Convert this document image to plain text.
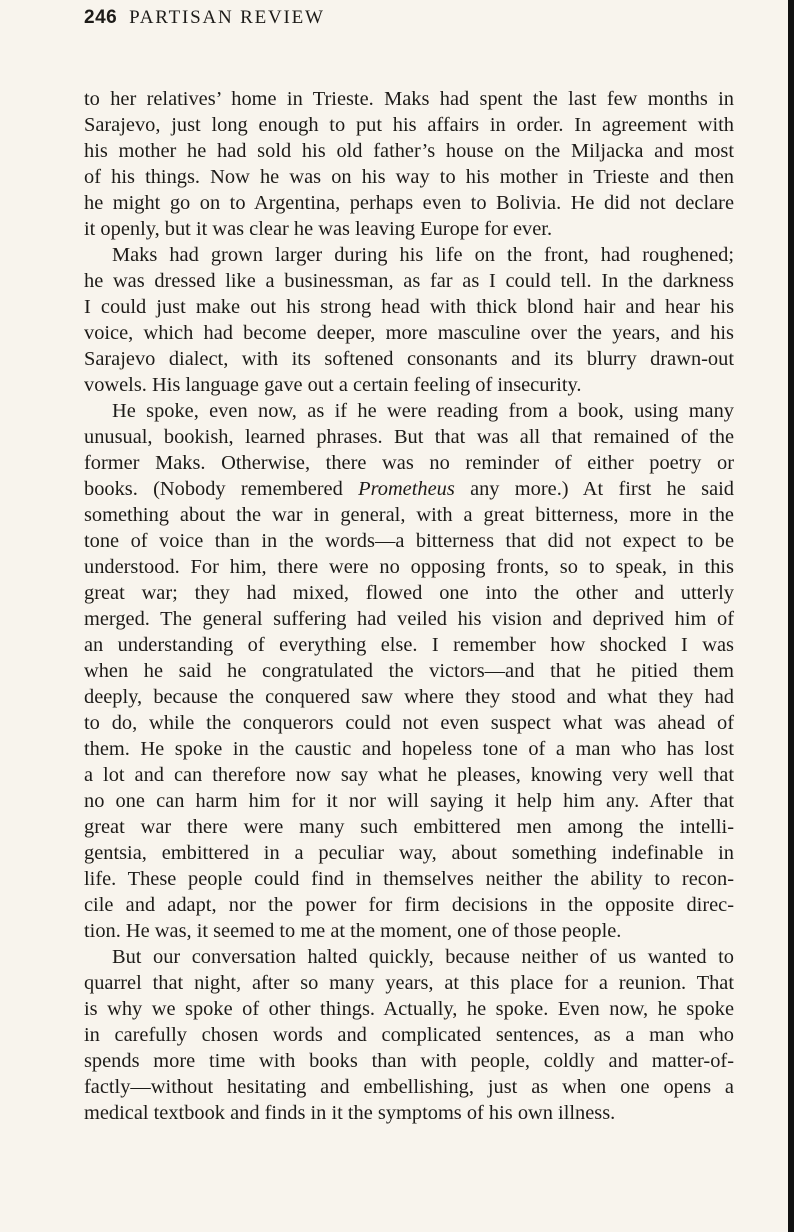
246 PARTISAN REVIEW
to her relatives’ home in Trieste. Maks had spent the last few months in
Sarajevo, just long enough to put his affairs in order. In agreement with
his mother he had sold his old father’s house on the Miljacka and most
of his things. Now he was on his way to his mother in Trieste and then
he might go on to Argentina, perhaps even to Bolivia. He did not declare
it openly, but it was clear he was leaving Europe for ever.
Maks had grown larger during his life on the front, had roughened;
he was dressed like a businessman, as far as I could tell. In the darkness
I could just make out his strong head with thick blond hair and hear his
voice, which had become deeper, more masculine over the years, and his
Sarajevo dialect, with its softened consonants and its blurry drawn-out
vowels. His language gave out a certain feeling of insecurity.
He spoke, even now, as if he were reading from a book, using many
unusual, bookish, learned phrases. But that was all that remained of the
former Maks. Otherwise, there was no reminder of either poetry or
books. (Nobody remembered Prometheus any more.) At first he said
something about the war in general, with a great bitterness, more in the
tone of voice than in the words—a bitterness that did not expect to be
understood. For him, there were no opposing fronts, so to speak, in this
great war; they had mixed, flowed one into the other and utterly
merged. The general suffering had veiled his vision and deprived him of
an understanding of everything else. I remember how shocked I was
when he said he congratulated the victors—and that he pitied them
deeply, because the conquered saw where they stood and what they had
to do, while the conquerors could not even suspect what was ahead of
them. He spoke in the caustic and hopeless tone of a man who has lost
a lot and can therefore now say what he pleases, knowing very well that
no one can harm him for it nor will saying it help him any. After that
great war there were many such embittered men among the intelli-
gentsia, embittered in a peculiar way, about something indefinable in
life. These people could find in themselves neither the ability to recon-
cile and adapt, nor the power for firm decisions in the opposite direc-
tion. He was, it seemed to me at the moment, one of those people.
But our conversation halted quickly, because neither of us wanted to
quarrel that night, after so many years, at this place for a reunion. That
is why we spoke of other things. Actually, he spoke. Even now, he spoke
in carefully chosen words and complicated sentences, as a man who
spends more time with books than with people, coldly and matter-of-
factly—without hesitating and embellishing, just as when one opens a
medical textbook and finds in it the symptoms of his own illness.
